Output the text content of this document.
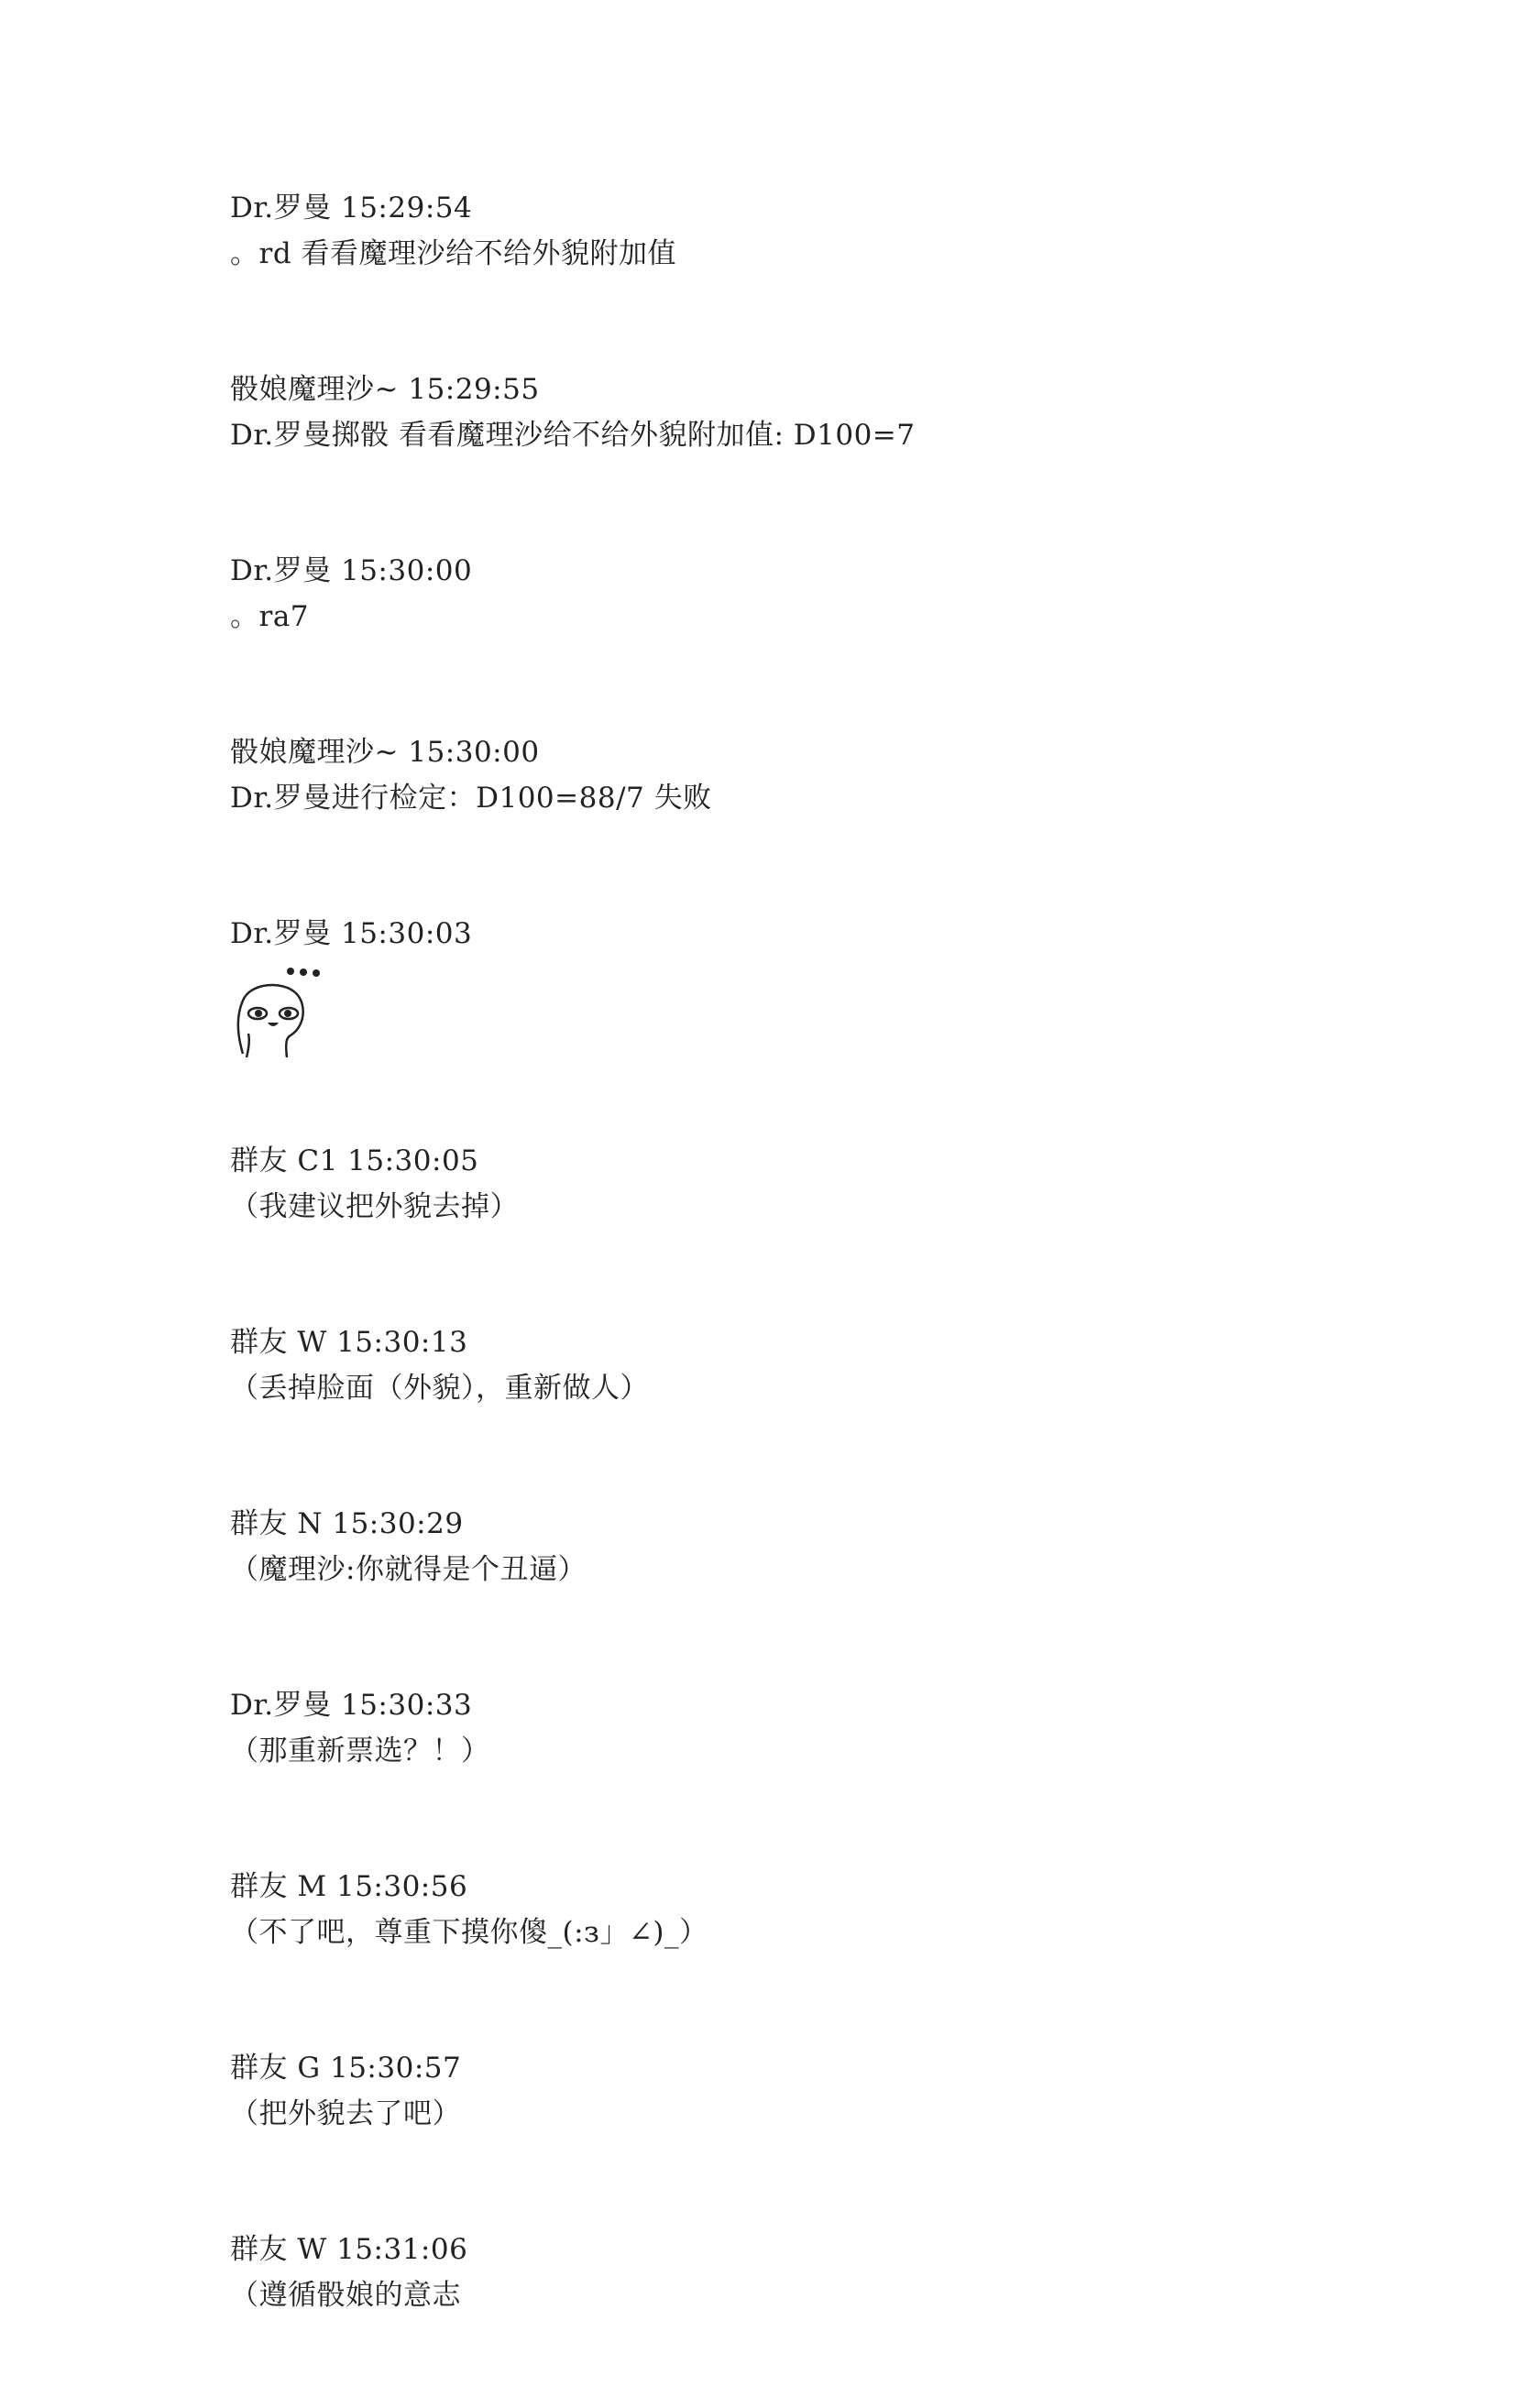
Dr.罗曼 15:29:54
。rd 看看魔理沙给不给外貌附加值
骰娘魔理沙~ 15:29:55
Dr.罗曼掷骰 看看魔理沙给不给外貌附加值: D100=7
Dr.罗曼 15:30:00
。ra7
骰娘魔理沙~ 15:30:00
Dr.罗曼进行检定：D100=88/7 失败
Dr.罗曼 15:30:03
群友 C1 15:30:05
（我建议把外貌去掉）
群友 W 15:30:13
（丢掉脸面（外貌），重新做人）
群友 N 15:30:29
（魔理沙:你就得是个丑逼）
Dr.罗曼 15:30:33
（那重新票选？！）
群友 M 15:30:56
（不了吧，尊重下摸你傻_(:з」∠)_）
群友 G 15:30:57
（把外貌去了吧）
群友 W 15:31:06
（遵循骰娘的意志
